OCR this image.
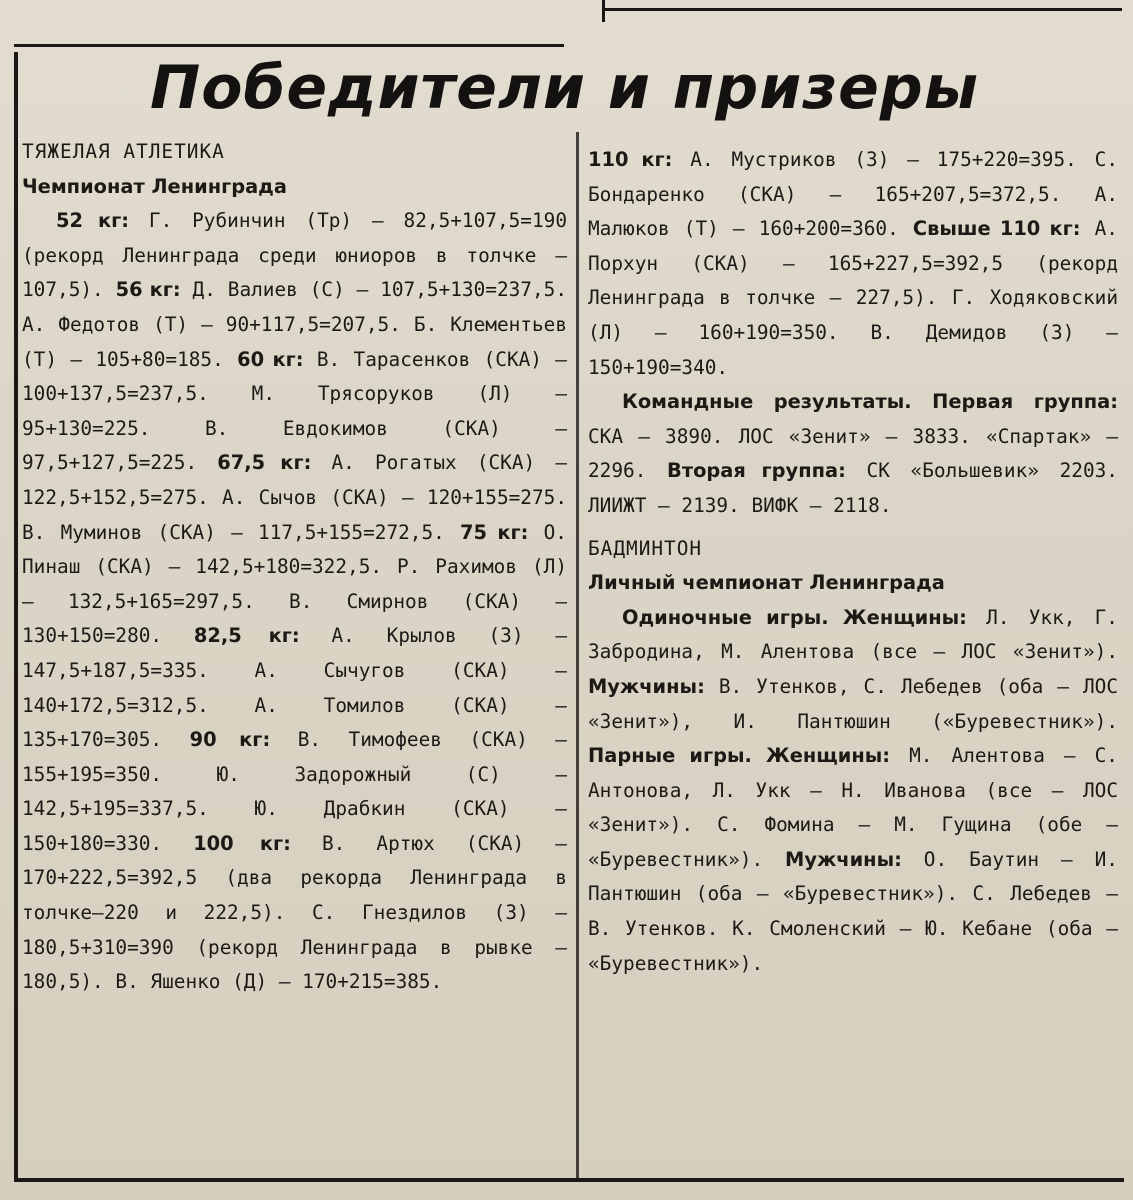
Победители и призеры

ТЯЖЕЛАЯ АТЛЕТИКА

Чемпионат Ленинграда

52 кг: Г. Рубинчин (Тр) — 82,5+107,5=190 (рекорд Ленинграда среди юниоров в толчке — 107,5). 56 кг: Д. Валиев (С) — 107,5+130=237,5. А. Федотов (Т) — 90+117,5=207,5. Б. Клементьев (Т) — 105+80=185. 60 кг: В. Тарасенков (СКА) — 100+137,5=237,5. М. Трясоруков (Л) — 95+130=225. В. Евдокимов (СКА) — 97,5+127,5=225. 67,5 кг: А. Рогатых (СКА) — 122,5+152,5=275. А. Сычов (СКА) — 120+155=275. В. Муминов (СКА) — 117,5+155=272,5. 75 кг: О. Пинаш (СКА) — 142,5+180=322,5. Р. Рахимов (Л) — 132,5+165=297,5. В. Смирнов (СКА) — 130+150=280. 82,5 кг: А. Крылов (З) — 147,5+187,5=335. А. Сычугов (СКА) — 140+172,5=312,5. А. Томилов (СКА) — 135+170=305. 90 кг: В. Тимофеев (СКА) — 155+195=350. Ю. Задорожный (С) — 142,5+195=337,5. Ю. Драбкин (СКА) — 150+180=330. 100 кг: В. Артюх (СКА) — 170+222,5=392,5 (два рекорда Ленинграда в толчке—220 и 222,5). С. Гнездилов (З) — 180,5+310=390 (рекорд Ленинграда в рывке — 180,5). В. Яшенко (Д) — 170+215=385.

110 кг: А. Мустриков (З) — 175+220=395. С. Бондаренко (СКА) — 165+207,5=372,5. А. Малюков (Т) — 160+200=360. Свыше 110 кг: А. Порхун (СКА) — 165+227,5=392,5 (рекорд Ленинграда в толчке — 227,5). Г. Ходяковский (Л) — 160+190=350. В. Демидов (З) — 150+190=340.

Командные результаты. Первая группа: СКА — 3890. ЛОС «Зенит» — 3833. «Спартак» — 2296. Вторая группа: СК «Большевик» 2203. ЛИИЖТ — 2139. ВИФК — 2118.

БАДМИНТОН

Личный чемпионат Ленинграда

Одиночные игры. Женщины: Л. Укк, Г. Забродина, М. Алентова (все — ЛОС «Зенит»). Мужчины: В. Утенков, С. Лебедев (оба — ЛОС «Зенит»), И. Пантюшин («Буревестник»). Парные игры. Женщины: М. Алентова — С. Антонова, Л. Укк — Н. Иванова (все — ЛОС «Зенит»). С. Фомина — М. Гущина (обе — «Буревестник»). Мужчины: О. Баутин — И. Пантюшин (оба — «Буревестник»). С. Лебедев — В. Утенков. К. Смоленский — Ю. Кебане (оба — «Буревестник»).
